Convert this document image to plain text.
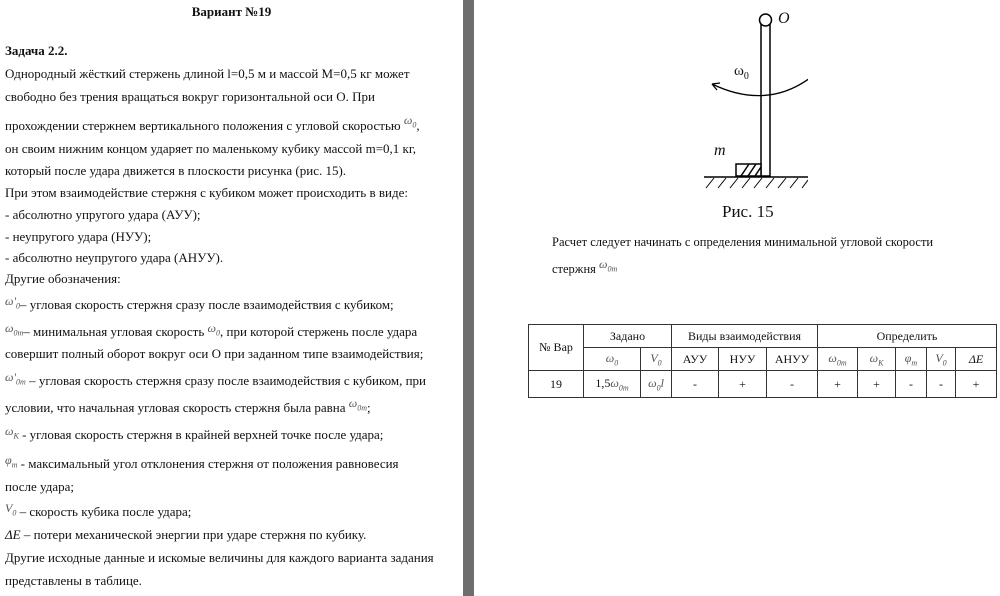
Вариант №19
Задача 2.2.
Однородный жёсткий стержень длиной l=0,5 м и массой M=0,5 кг может
свободно без трения вращаться вокруг горизонтальной оси О. При
прохождении стержнем вертикального положения с угловой скоростью $\omega_0$,
он своим нижним концом ударяет по маленькому кубику массой m=0,1 кг,
который после удара движется в плоскости рисунка (рис. 15).
При этом взаимодействие стержня с кубиком может происходить в виде:
- абсолютно упругого удара (АУУ);
- неупругого удара (НУУ);
- абсолютно неупругого удара (АНУУ).
Другие обозначения:
$\omega'_0-$ угловая скорость стержня сразу после взаимодействия с кубиком;
$\omega_{0m}-$ минимальная угловая скорость $\omega_0$, при которой стержень после удара
совершит полный оборот вокруг оси О при заданном типе взаимодействия;
$\omega'_{0m}$ – угловая скорость стержня сразу после взаимодействия с кубиком, при
условии, что начальная угловая скорость стержня была равна $\omega_{0m}$;
$\omega_K$ - угловая скорость стержня в крайней верхней точке после удара;
$\varphi_m$ - максимальный угол отклонения стержня от положения равновесия
после удара;
$V_0$ – скорость кубика после удара;
ΔE – потери механической энергии при ударе стержня по кубику.
Другие исходные данные и искомые величины для каждого варианта задания
представлены в таблице.
O
$\omega_0$
m
Рис. 15
Расчет следует начинать с определения минимальной угловой скорости
стержня $\omega_{0m}$
№ Вар	Задано		Виды взаимодействия			Определить				
	$\omega_0$	$V_0$	АУУ	НУУ	АНУУ	$\omega_{0m}$	$\omega_K$	$\varphi_m$	$V_0$	ΔE
19	$1,5\omega_{0m}$	$\omega_0l$	-	+	-	+	+	-	-	+
